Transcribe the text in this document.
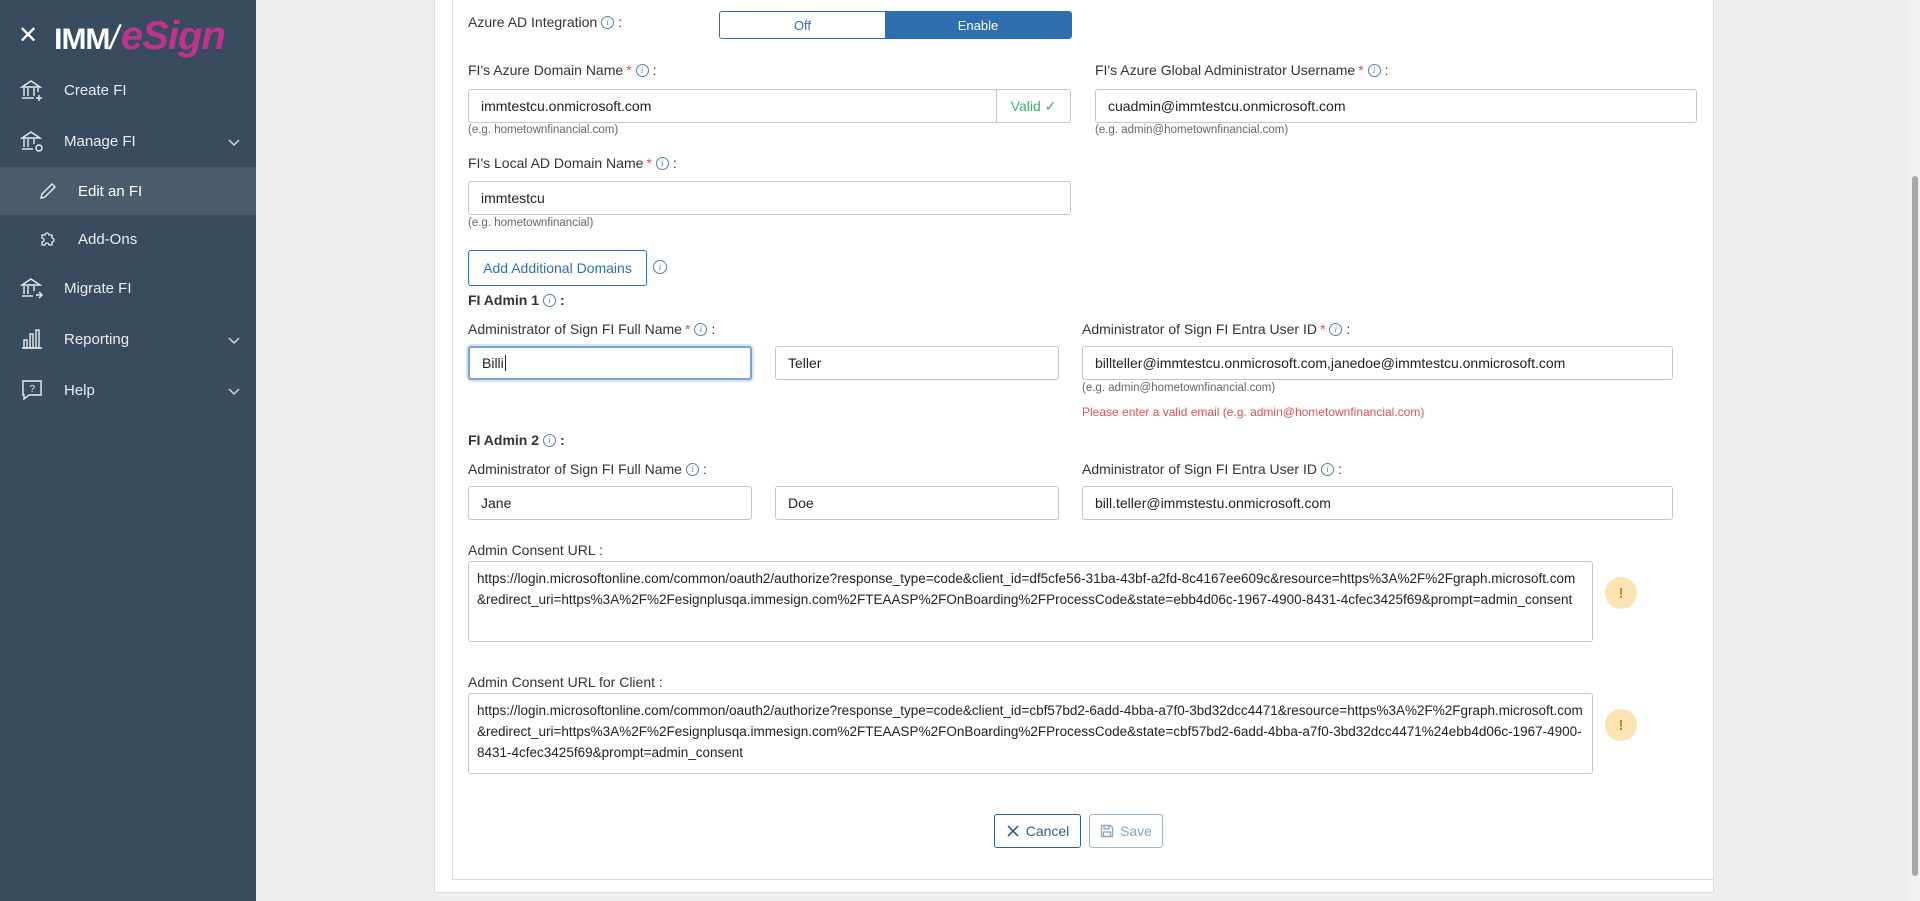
✕ IMM
/
eSign
Create FI
Manage FI
Edit an FI
Add-Ons
Migrate FI
Reporting
? Help
Azure AD Integration	i :	Off	Enable
FI's Azure Domain Name *	i :
immtestcu.onmicrosoft.com	Valid ✓
(e.g. hometownfinancial.com)
FI's Azure Global Administrator Username *	i :
cuadmin@immtestcu.onmicrosoft.com
(e.g. admin@hometownfinancial.com)
FI's Local AD Domain Name *	i :
immtestcu
(e.g. hometownfinancial)
Add Additional Domains	i
FI Admin 1	i :
Administrator of Sign FI Full Name *	i :
Billi	Teller
Administrator of Sign FI Entra User ID *	i :
billteller@immtestcu.onmicrosoft.com,janedoe@immtestcu.onmicrosoft.com
(e.g. admin@hometownfinancial.com)
Please enter a valid email (e.g. admin@hometownfinancial.com)
FI Admin 2	i :
Administrator of Sign FI Full Name	i :
Jane	Doe
Administrator of Sign FI Entra User ID	i :
bill.teller@immstestu.onmicrosoft.com
Admin Consent URL :
https://login.microsoftonline.com/common/oauth2/authorize?response_type=code&client_id=df5cfe56-31ba-43bf-a2fd-8c4167ee609c&resource=https%3A%2F%2Fgraph.microsoft.com&redirect_uri=https%3A%2F%2Fesignplusqa.immesign.com%2FTEAASP%2FOnBoarding%2FProcessCode&state=ebb4d06c-1967-4900-8431-4cfec3425f69&prompt=admin_consent	!
Admin Consent URL for Client :
https://login.microsoftonline.com/common/oauth2/authorize?response_type=code&client_id=cbf57bd2-6add-4bba-a7f0-3bd32dcc4471&resource=https%3A%2F%2Fgraph.microsoft.com&redirect_uri=https%3A%2F%2Fesignplusqa.immesign.com%2FTEAASP%2FOnBoarding%2FProcessCode&state=cbf57bd2-6add-4bba-a7f0-3bd32dcc4471%24ebb4d06c-1967-4900-8431-4cfec3425f69&prompt=admin_consent
!
Cancel	Save
